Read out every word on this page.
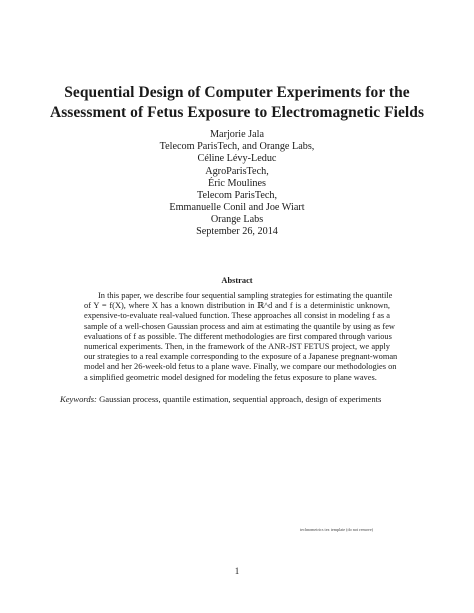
Sequential Design of Computer Experiments for the
Assessment of Fetus Exposure to Electromagnetic Fields
Marjorie Jala
Telecom ParisTech, and Orange Labs,
Céline Lévy-Leduc
AgroParisTech,
Éric Moulines
Telecom ParisTech,
Emmanuelle Conil and Joe Wiart
Orange Labs
September 26, 2014
Abstract
In this paper, we describe four sequential sampling strategies for estimating the quantile
of Y = f(X), where X has a known distribution in ℝ^d and f is a deterministic unknown,
expensive-to-evaluate real-valued function. These approaches all consist in modeling f as a
sample of a well-chosen Gaussian process and aim at estimating the quantile by using as few
evaluations of f as possible. The different methodologies are first compared through various
numerical experiments. Then, in the framework of the ANR-JST FETUS project, we apply
our strategies to a real example corresponding to the exposure of a Japanese pregnant-woman
model and her 26-week-old fetus to a plane wave. Finally, we compare our methodologies on
a simplified geometric model designed for modeling the fetus exposure to plane waves.
Keywords: Gaussian process, quantile estimation, sequential approach, design of experiments
technometrics tex template (do not remove)
1
